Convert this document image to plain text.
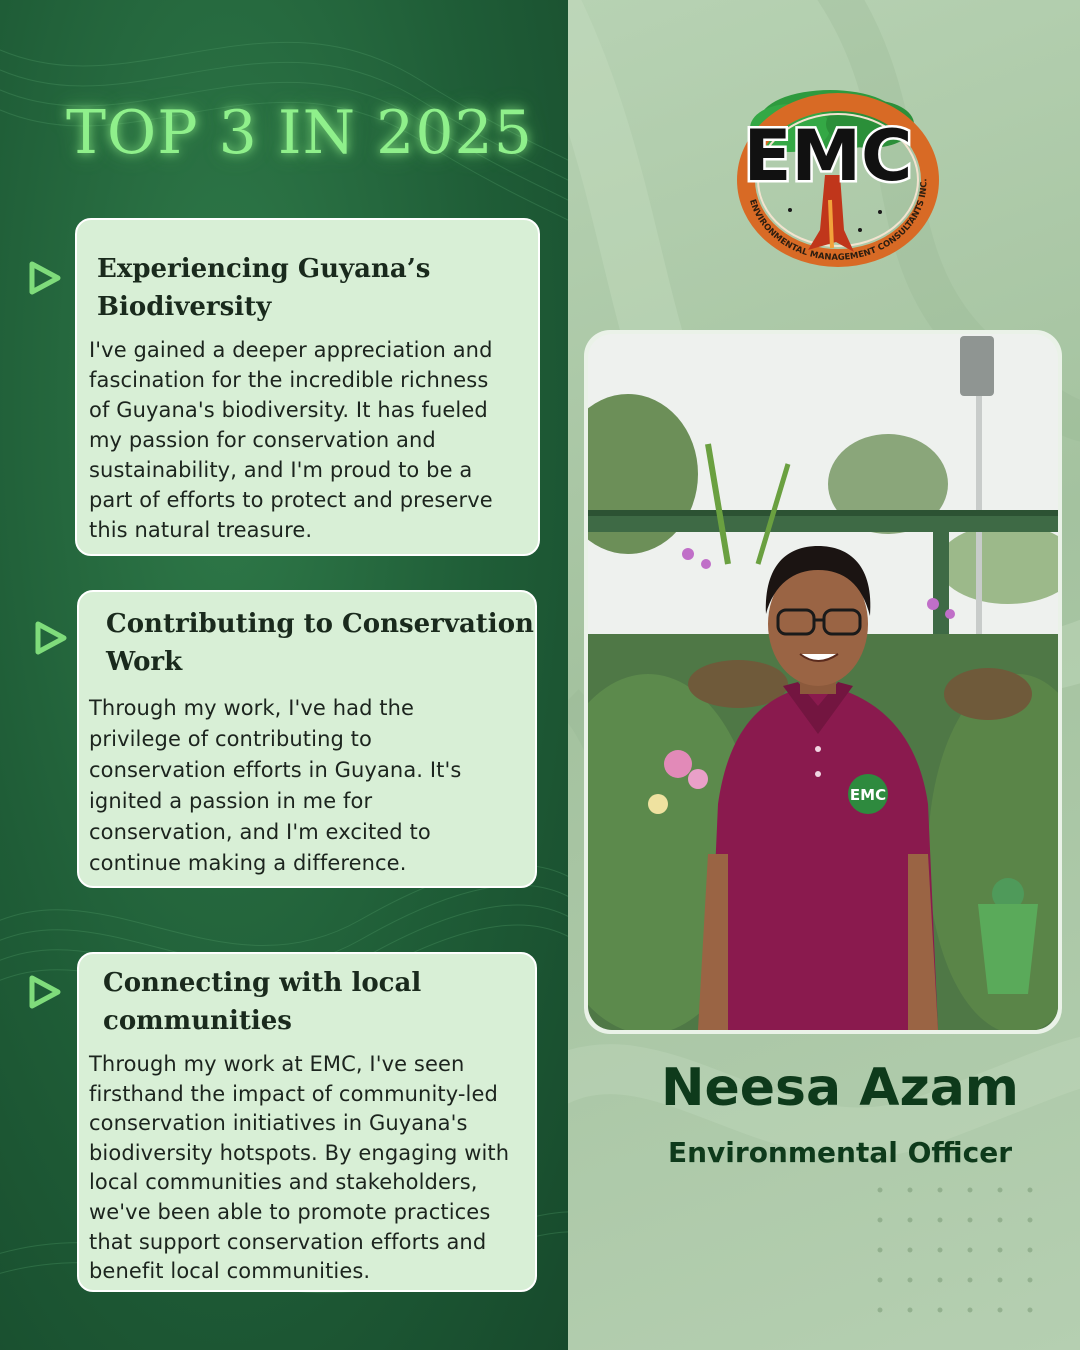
TOP 3 IN 2025
Experiencing Guyana’s
Biodiversity
I've gained a deeper appreciation and
fascination for the incredible richness
of Guyana's biodiversity. It has fueled
my passion for conservation and
sustainability, and I'm proud to be a
part of efforts to protect and preserve
this natural treasure.
Contributing to Conservation
Work
Through my work, I've had the
privilege of contributing to
conservation efforts in Guyana. It's
ignited a passion in me for
conservation, and I'm excited to
continue making a difference.
Connecting with local
communities
Through my work at EMC, I've seen
firsthand the impact of community-led
conservation initiatives in Guyana's
biodiversity hotspots. By engaging with
local communities and stakeholders,
we've been able to promote practices
that support conservation efforts and
benefit local communities.
EMC
ENVIRONMENTAL MANAGEMENT CONSULTANTS INC.
EMC
Neesa Azam
Environmental Officer
